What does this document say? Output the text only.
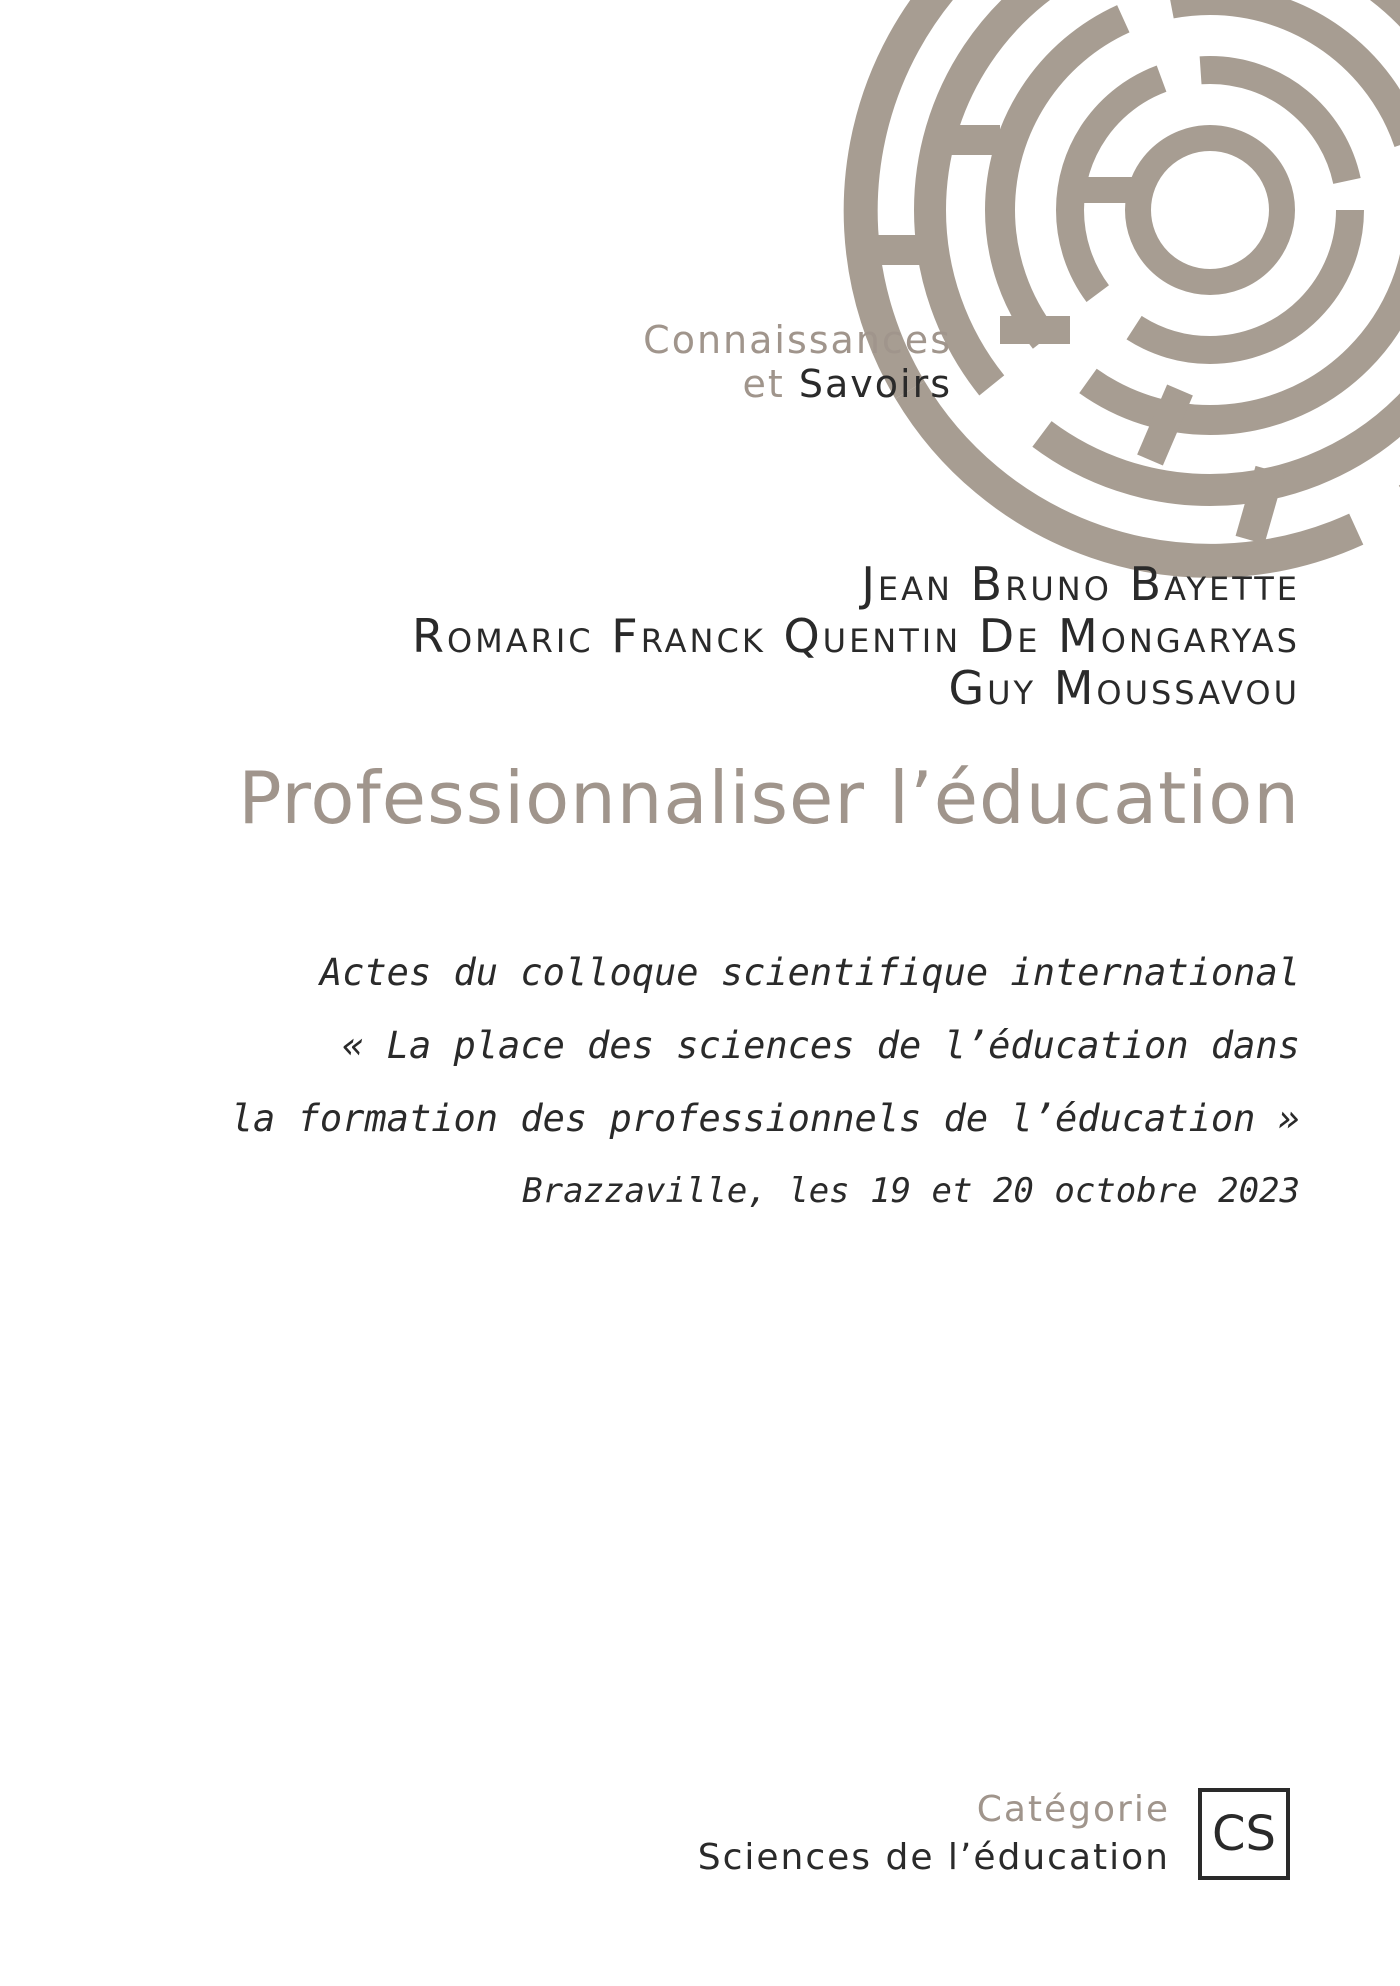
Connaissances
et Savoirs
Jean Bruno Bayette
Romaric Franck Quentin De Mongaryas
Guy Moussavou
Professionnaliser l’éducation
Actes du colloque scientifique international
« La place des sciences de l’éducation dans
la formation des professionnels de l’éducation »
Brazzaville, les 19 et 20 octobre 2023
Catégorie
Sciences de l’éducation CS
